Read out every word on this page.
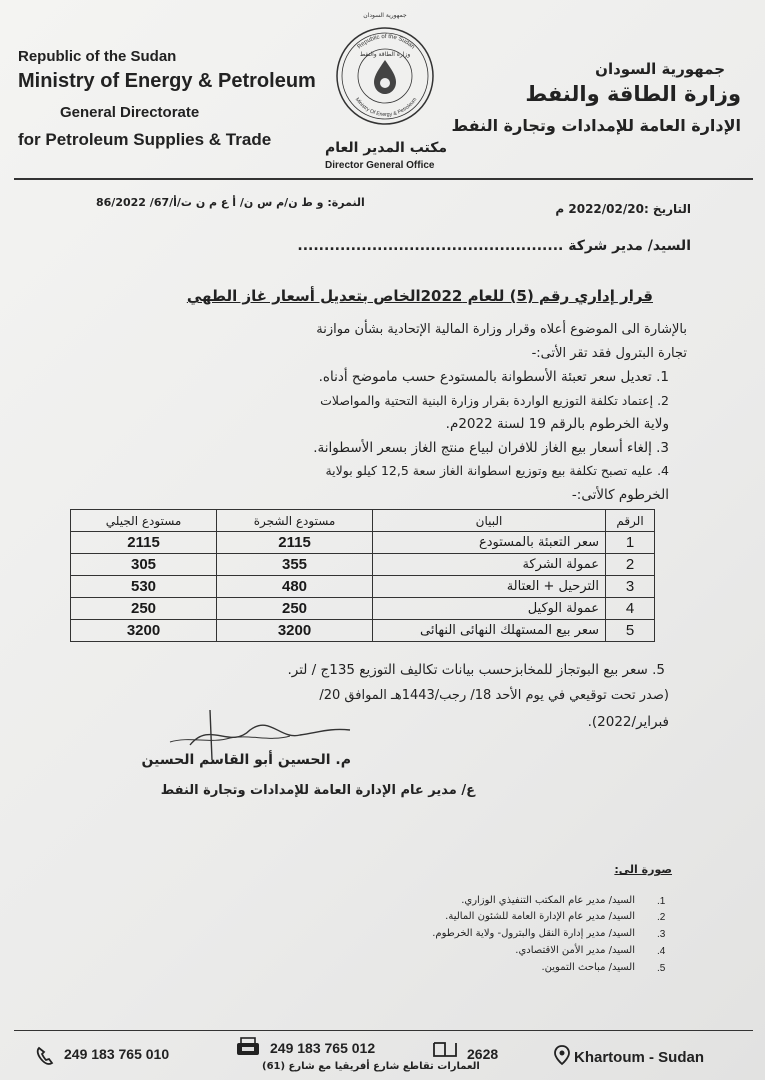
Republic of the Sudan
Ministry of Energy & Petroleum
General Directorate
for Petroleum Supplies & Trade
جمهورية السودان
وزارة الطاقة والنفط
الإدارة العامة للإمدادات وتجارة النفط
جمهورية السودان
Republic of the Sudan
Ministry Of Energy & Petroleum
وزارة الطاقة والنفط
مكتب المدير العام
Director General Office
التاريخ :2022/02/20 م
النمرة: و ط ن/م س ن/ أ ع م ن ت/أ/67/ 86/2022
السيد/ مدير شركة ..................................................
قرار إداري رقم (5) للعام 2022الخاص بتعديل أسعار غاز الطهي
بالإشارة الى الموضوع أعلاه وقرار وزارة المالية الإتحادية بشأن موازنة
تجارة البترول فقد تقر الأتى:-
1. تعديل سعر تعبئة الأسطوانة بالمستودع حسب ماموضح أدناه.
2. إعتماد تكلفة التوزيع الواردة بقرار وزارة البنية التحتية والمواصلات
ولاية الخرطوم بالرقم 19 لسنة 2022م.
3. إلغاء أسعار بيع الغاز للافران لبياع منتج الغاز بسعر الأسطوانة.
4. عليه تصبح تكلفة بيع وتوزيع اسطوانة الغاز سعة 12,5 كيلو بولاية
الخرطوم كالأتى:-
الرقم	البيان	مستودع الشجرة	مستودع الجيلي
1	سعر التعبئة بالمستودع	2115	2115
2	عمولة الشركة	355	305
3	الترحيل + العتالة	480	530
4	عمولة الوكيل	250	250
5	سعر بيع المستهلك النهائى النهائى	3200	3200
5. سعر بيع البوتجاز للمخابزحسب بيانات تكاليف التوزيع 135ج / لتر.
(صدر تحت توقيعي في يوم الأحد 18/ رجب/1443هـ الموافق 20/
فبراير/2022).
م. الحسين أبو القاسم الحسين
ع/ مدير عام الإدارة العامة للإمدادات وتجارة النفط
صورة الى:
.1
السيد/ مدير عام المكتب التنفيذي الوزاري.
.2
السيد/ مدير عام الإدارة العامة للشئون المالية.
.3
السيد/ مدير إدارة النقل والبترول- ولاية الخرطوم.
.4
السيد/ مدير الأمن الاقتصادي.
.5
السيد/ مباحث التموين.
249 183 765 010	249 183 765 012	2628	Khartoum - Sudan
العمارات تقاطع شارع أفريقيا مع شارع (61)
